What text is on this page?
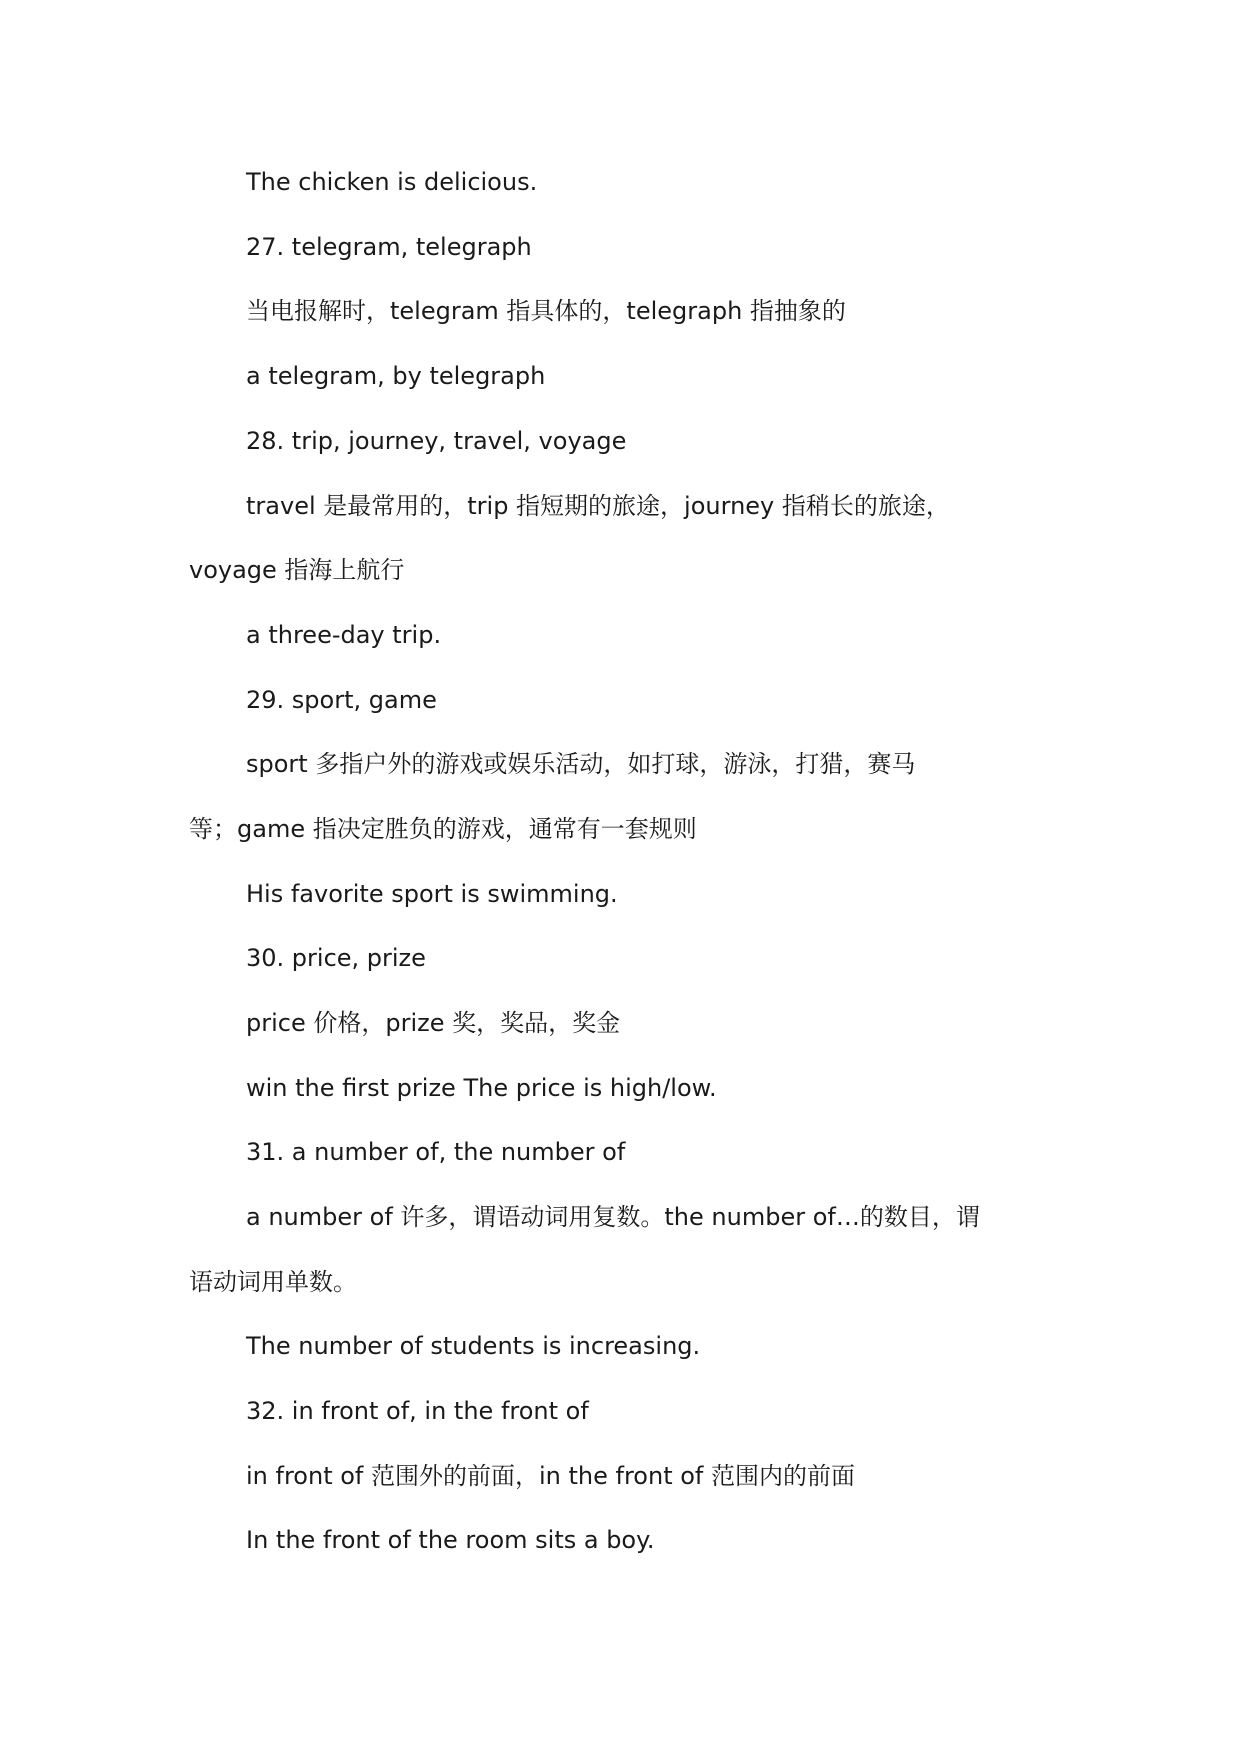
The chicken is delicious.
27. telegram, telegraph
当电报解时，telegram 指具体的，telegraph 指抽象的
a telegram, by telegraph
28. trip, journey, travel, voyage
travel 是最常用的，trip 指短期的旅途，journey 指稍长的旅途，
voyage 指海上航行
a three-day trip.
29. sport, game
sport 多指户外的游戏或娱乐活动，如打球，游泳，打猎，赛马
等；game 指决定胜负的游戏，通常有一套规则
His favorite sport is swimming.
30. price, prize
price 价格，prize 奖，奖品，奖金
win the first prize The price is high/low.
31. a number of, the number of
a number of 许多，谓语动词用复数。the number of…的数目，谓
语动词用单数。
The number of students is increasing.
32. in front of, in the front of
in front of 范围外的前面，in the front of 范围内的前面
In the front of the room sits a boy.
